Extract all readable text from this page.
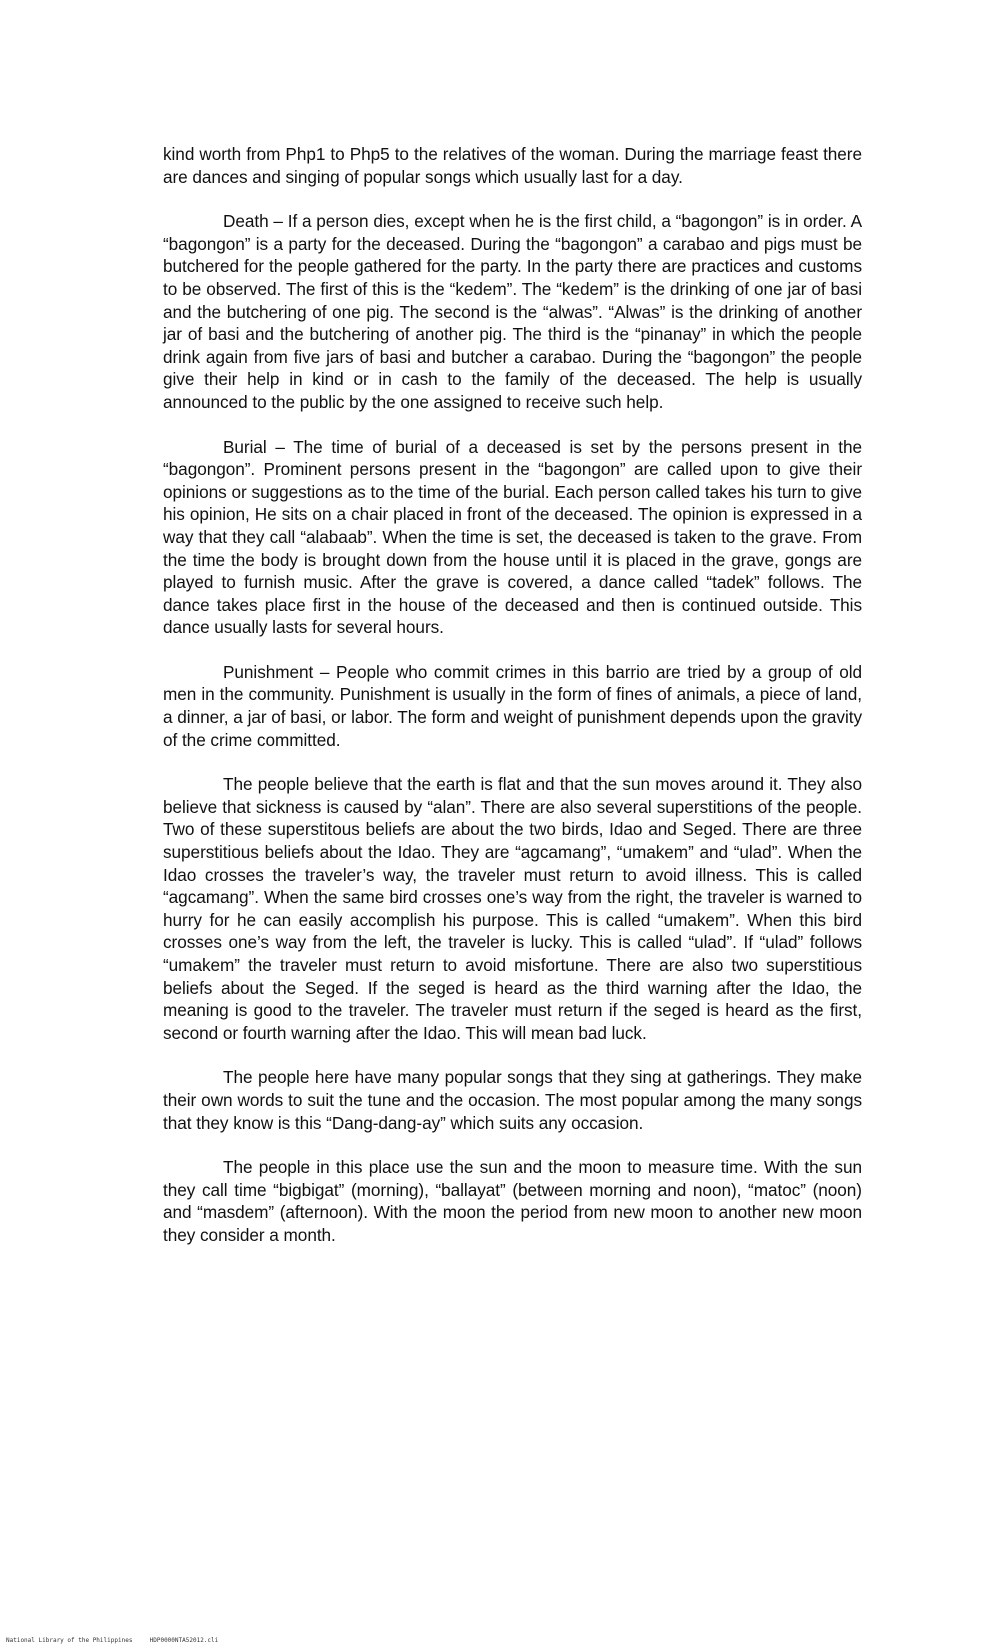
kind worth from Php1 to Php5 to the relatives of the woman. During the marriage feast there are dances and singing of popular songs which usually last for a day.

Death – If a person dies, except when he is the first child, a “bagongon” is in order. A “bagongon” is a party for the deceased. During the “bagongon” a carabao and pigs must be butchered for the people gathered for the party. In the party there are practices and customs to be observed. The first of this is the “kedem”. The “kedem” is the drinking of one jar of basi and the butchering of one pig. The second is the “alwas”. “Alwas” is the drinking of another jar of basi and the butchering of another pig. The third is the “pinanay” in which the people drink again from five jars of basi and butcher a carabao. During the “bagongon” the people give their help in kind or in cash to the family of the deceased. The help is usually announced to the public by the one assigned to receive such help.

Burial – The time of burial of a deceased is set by the persons present in the “bagongon”. Prominent persons present in the “bagongon” are called upon to give their opinions or suggestions as to the time of the burial. Each person called takes his turn to give his opinion, He sits on a chair placed in front of the deceased. The opinion is expressed in a way that they call “alabaab”. When the time is set, the deceased is taken to the grave. From the time the body is brought down from the house until it is placed in the grave, gongs are played to furnish music. After the grave is covered, a dance called “tadek” follows. The dance takes place first in the house of the deceased and then is continued outside. This dance usually lasts for several hours.

Punishment – People who commit crimes in this barrio are tried by a group of old men in the community. Punishment is usually in the form of fines of animals, a piece of land, a dinner, a jar of basi, or labor. The form and weight of punishment depends upon the gravity of the crime committed.

The people believe that the earth is flat and that the sun moves around it. They also believe that sickness is caused by “alan”. There are also several superstitions of the people. Two of these superstitous beliefs are about the two birds, Idao and Seged. There are three superstitious beliefs about the Idao. They are “agcamang”, “umakem” and “ulad”. When the Idao crosses the traveler’s way, the traveler must return to avoid illness. This is called “agcamang”. When the same bird crosses one’s way from the right, the traveler is warned to hurry for he can easily accomplish his purpose. This is called “umakem”. When this bird crosses one’s way from the left, the traveler is lucky. This is called “ulad”. If “ulad” follows “umakem” the traveler must return to avoid misfortune. There are also two superstitious beliefs about the Seged. If the seged is heard as the third warning after the Idao, the meaning is good to the traveler. The traveler must return if the seged is heard as the first, second or fourth warning after the Idao. This will mean bad luck.

The people here have many popular songs that they sing at gatherings. They make their own words to suit the tune and the occasion. The most popular among the many songs that they know is this “Dang-dang-ay” which suits any occasion.

The people in this place use the sun and the moon to measure time. With the sun they call time “bigbigat” (morning), “ballayat” (between morning and noon), “matoc” (noon) and “masdem” (afternoon). With the moon the period from new moon to another new moon they consider a month.

National Library of the Philippines	HDP0000NTA52012.cli
